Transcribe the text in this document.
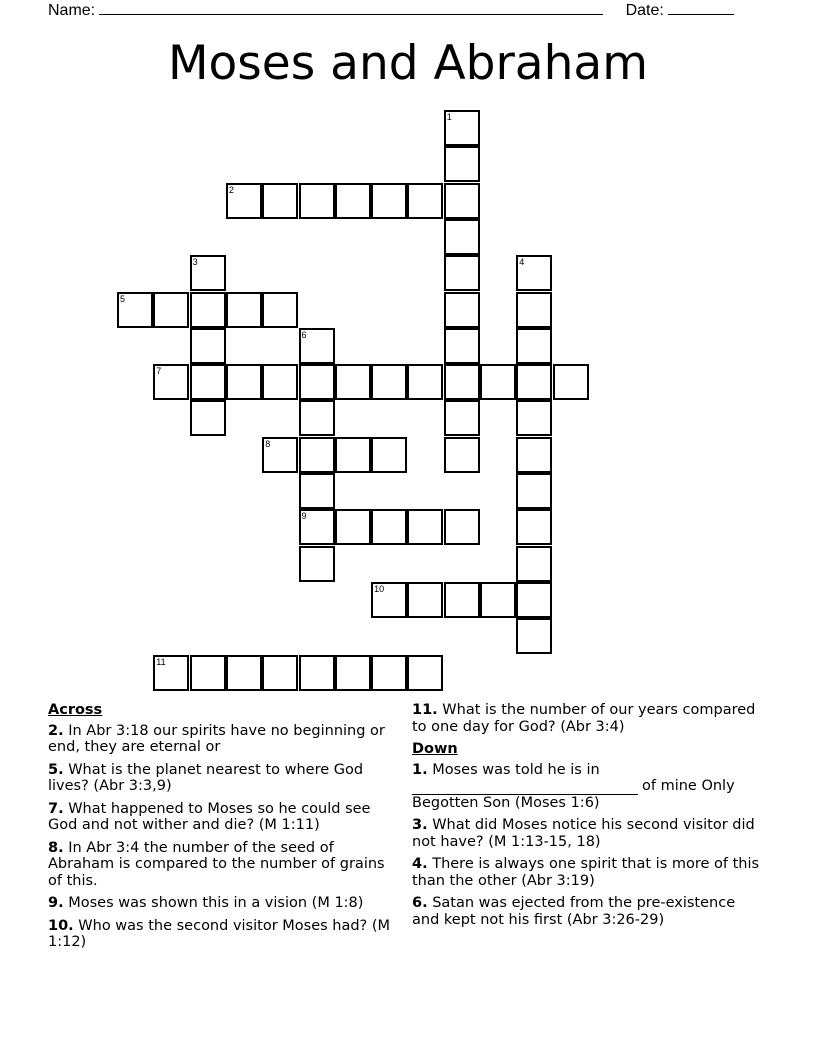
Name:	Date:
Moses and Abraham
1
2
3	4
5
6
9
7
8
10
11
Across
2. In Abr 3:18 our spirits have no beginning or end, they are eternal or
5. What is the planet nearest to where God lives? (Abr 3:3,9)
7. What happened to Moses so he could see God and not wither and die? (M 1:11)
8. In Abr 3:4 the number of the seed of Abraham is compared to the number of grains of this.
9. Moses was shown this in a vision (M 1:8)
10. Who was the second visitor Moses had? (M 1:12)
11. What is the number of our years compared to one day for God? (Abr 3:4)
Down
1. Moses was told he is in of mine Only Begotten Son (Moses 1:6)
3. What did Moses notice his second visitor did not have? (M 1:13-15, 18)
4. There is always one spirit that is more of this than the other (Abr 3:19)
6. Satan was ejected from the pre-existence and kept not his first (Abr 3:26-29)
